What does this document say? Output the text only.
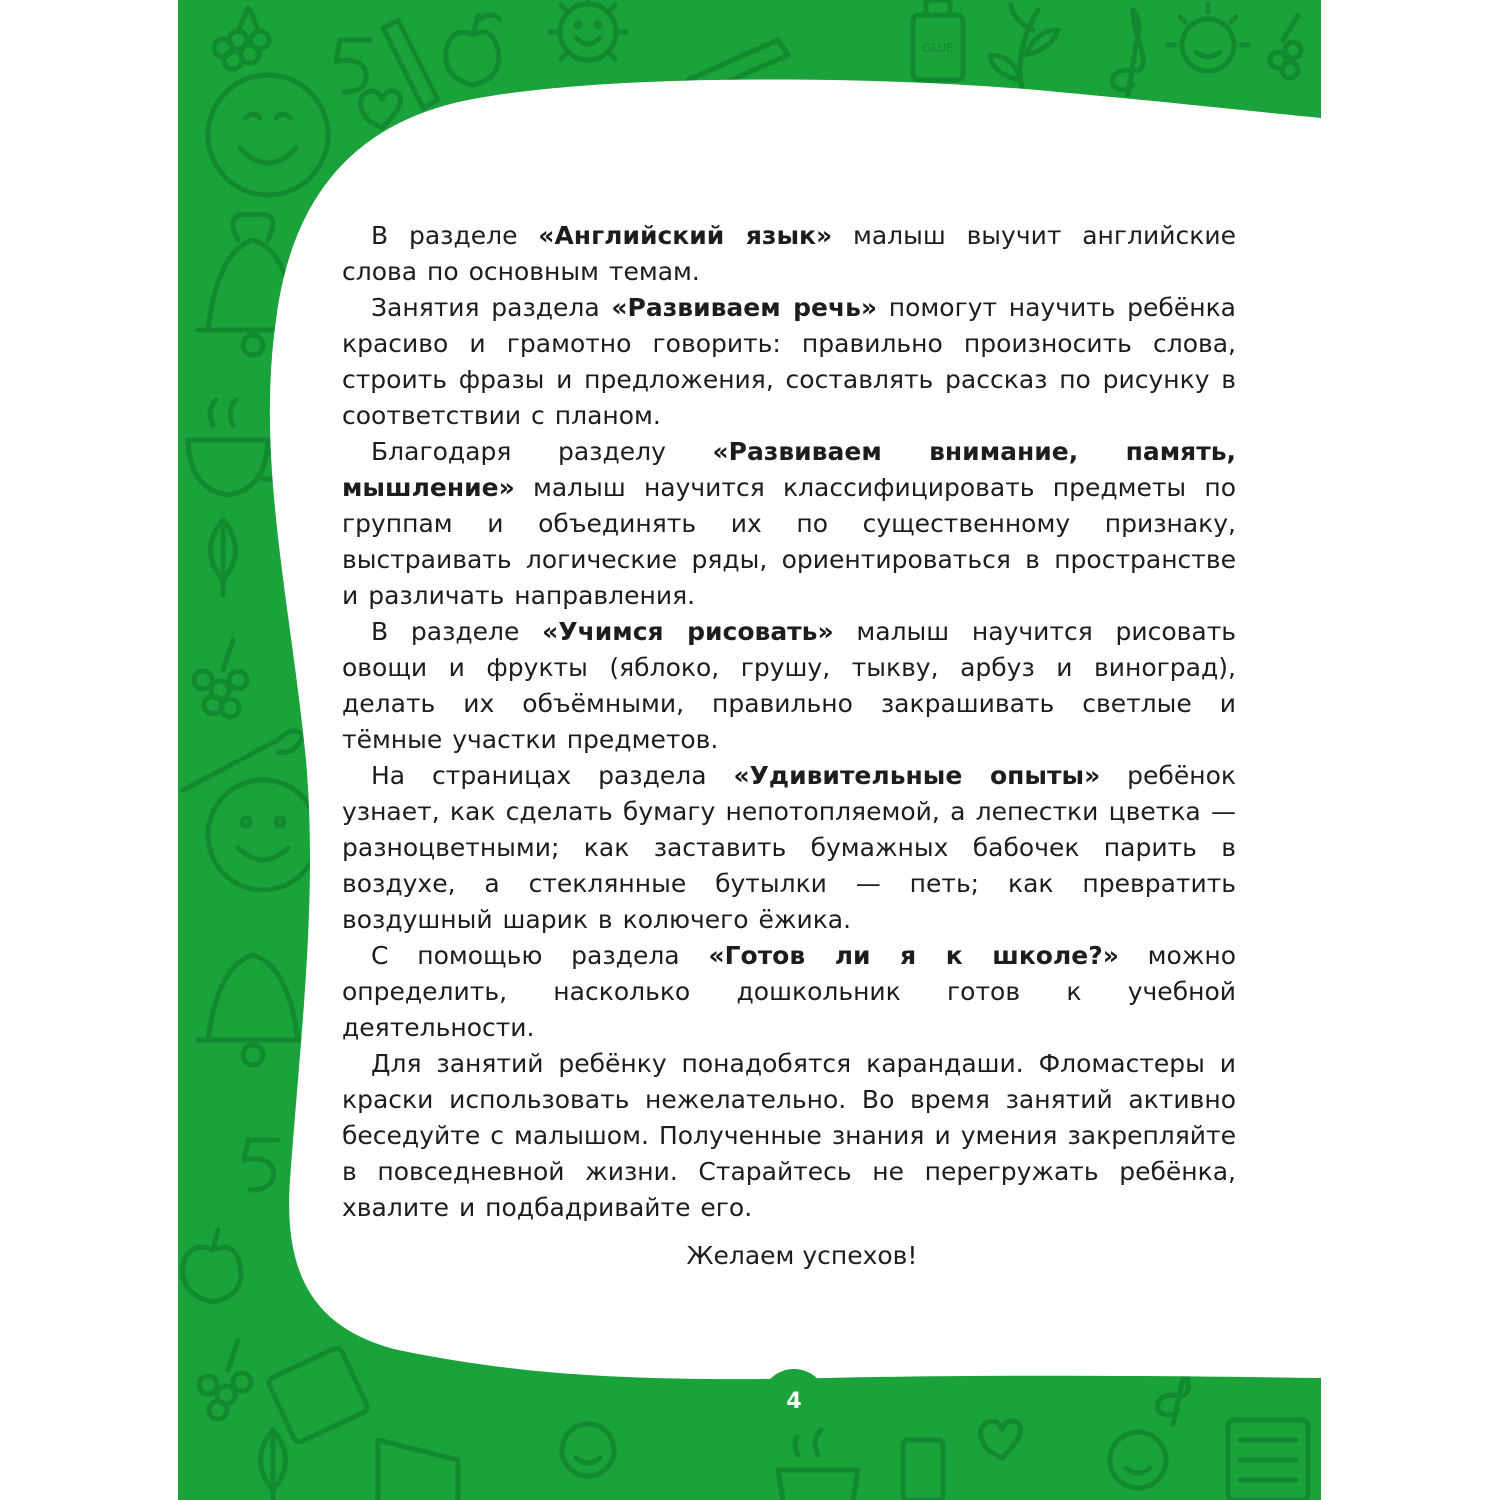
GLUE

В разделе «Английский язык» малыш выучит английские слова по основным темам.

Занятия раздела «Развиваем речь» помогут научить ребёнка красиво и грамотно говорить: правильно произносить слова, строить фразы и предложения, составлять рассказ по рисунку в соответствии с планом.

Благодаря разделу «Развиваем внимание, память, мышление» малыш научится классифицировать предметы по группам и объединять их по существенному признаку, выстраивать логические ряды, ориентироваться в пространстве и различать направления.

В разделе «Учимся рисовать» малыш научится рисовать овощи и фрукты (яблоко, грушу, тыкву, арбуз и виноград), делать их объёмными, правильно закрашивать светлые и тёмные участки предметов.

На страницах раздела «Удивительные опыты» ребёнок узнает, как сделать бумагу непотопляемой, а лепестки цветка — разноцветными; как заставить бумажных бабочек парить в воздухе, а стеклянные бутылки — петь; как превратить воздушный шарик в колючего ёжика.

С помощью раздела «Готов ли я к школе?» можно определить, насколько дошкольник готов к учебной деятельности.

Для занятий ребёнку понадобятся карандаши. Фломастеры и краски использовать нежелательно. Во время занятий активно беседуйте с малышом. Полученные знания и умения закрепляйте в повседневной жизни. Старайтесь не перегружать ребёнка, хвалите и подбадривайте его.

Желаем успехов!

4
